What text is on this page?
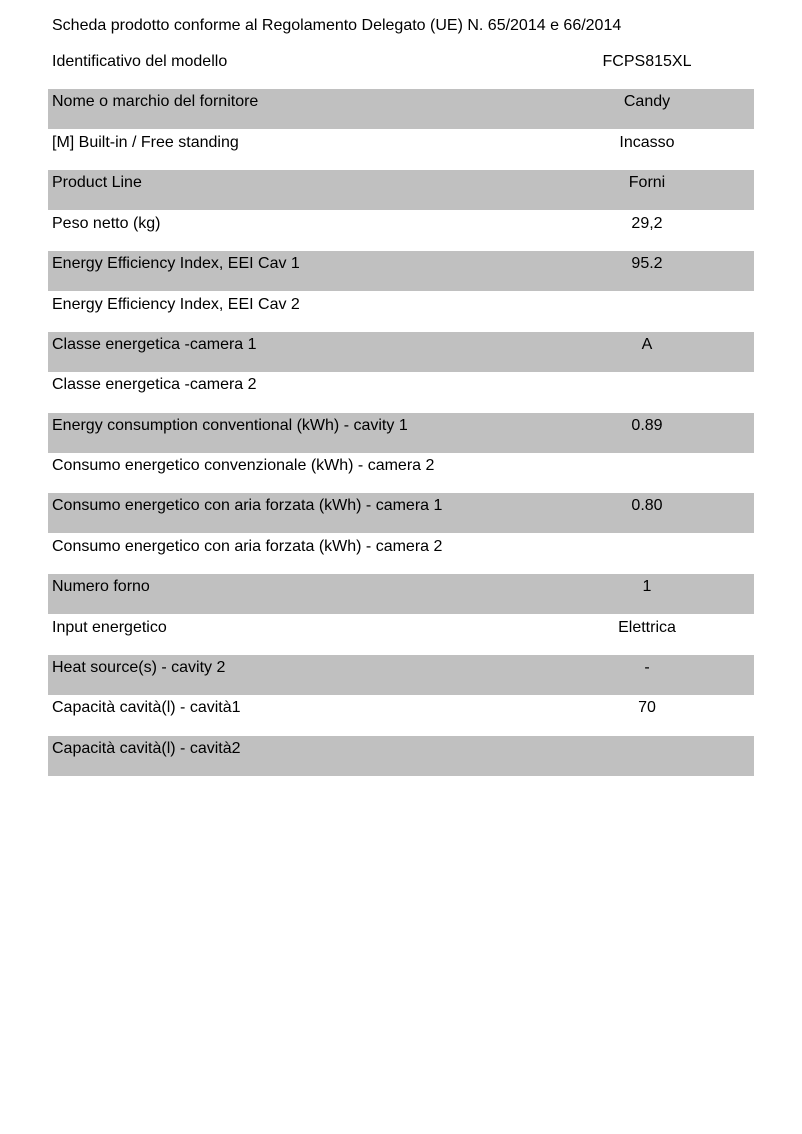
Scheda prodotto conforme al Regolamento Delegato (UE) N. 65/2014 e 66/2014
Identificativo del modello	FCPS815XL
Nome o marchio del fornitore	Candy
[M] Built-in / Free standing	Incasso
Product Line	Forni
Peso netto (kg)	29,2
Energy Efficiency Index, EEI Cav 1	95.2
Energy Efficiency Index, EEI Cav 2
Classe energetica -camera 1	A
Classe energetica -camera 2
Energy consumption conventional (kWh) - cavity 1	0.89
Consumo energetico convenzionale (kWh) - camera 2
Consumo energetico con aria forzata (kWh) - camera 1	0.80
Consumo energetico con aria forzata (kWh) - camera 2
Numero forno	1
Input energetico	Elettrica
Heat source(s) - cavity 2	-
Capacità cavità(l) - cavità1	70
Capacità cavità(l) - cavità2
